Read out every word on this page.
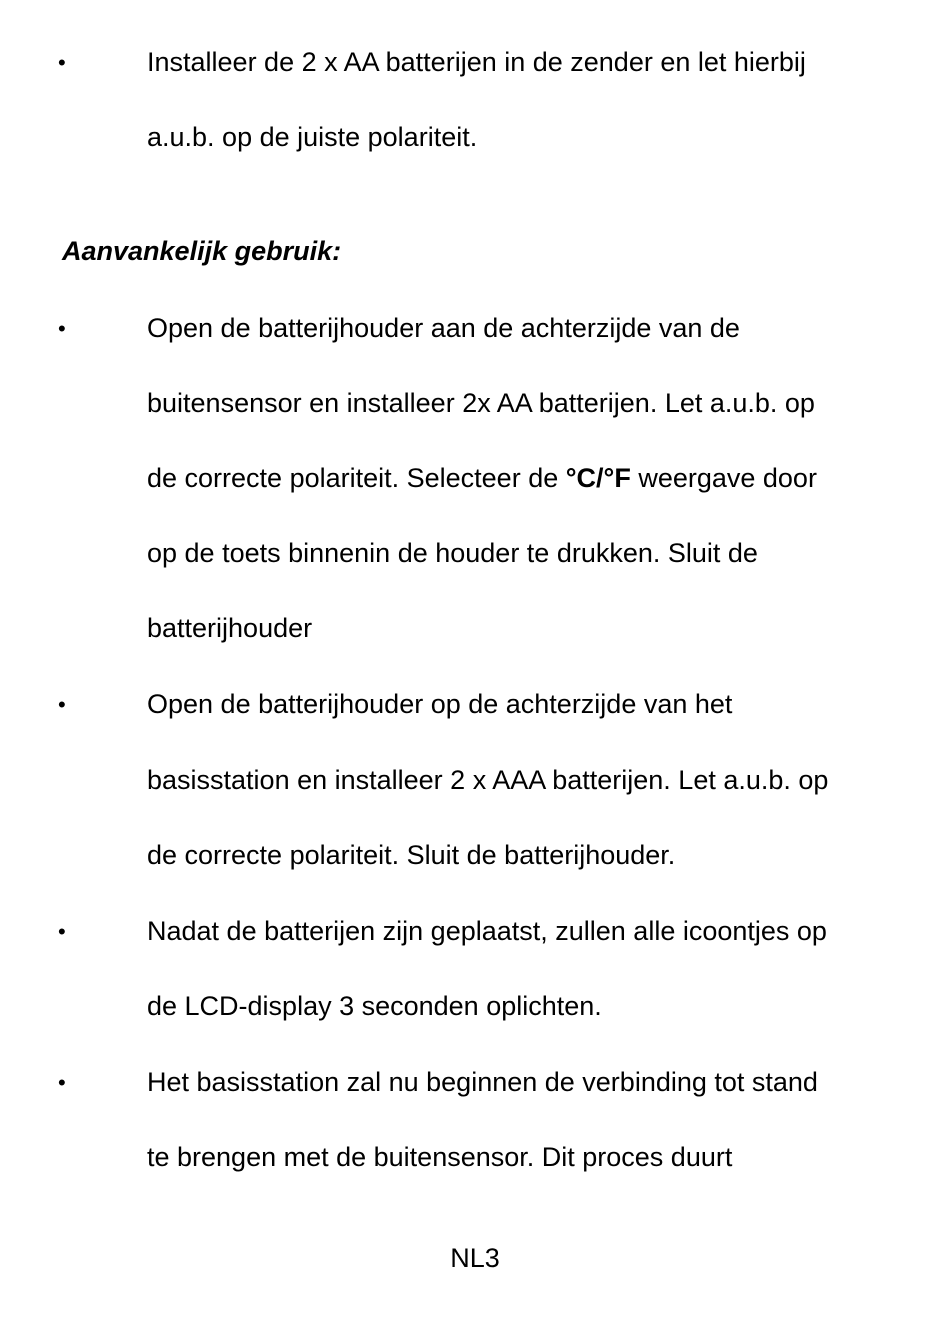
•	Installeer de 2 x AA batterijen in de zender en let hierbij
a.u.b. op de juiste polariteit.
Aanvankelijk gebruik:
•	Open de batterijhouder aan de achterzijde van de
buitensensor en installeer 2x AA batterijen. Let a.u.b. op
de correcte polariteit. Selecteer de °C/°F weergave door
op de toets binnenin de houder te drukken. Sluit de
batterijhouder
•	Open de batterijhouder op de achterzijde van het
basisstation en installeer 2 x AAA batterijen. Let a.u.b. op
de correcte polariteit. Sluit de batterijhouder.
•	Nadat de batterijen zijn geplaatst, zullen alle icoontjes op
de LCD-display 3 seconden oplichten.
•	Het basisstation zal nu beginnen de verbinding tot stand
te brengen met de buitensensor. Dit proces duurt
NL3
